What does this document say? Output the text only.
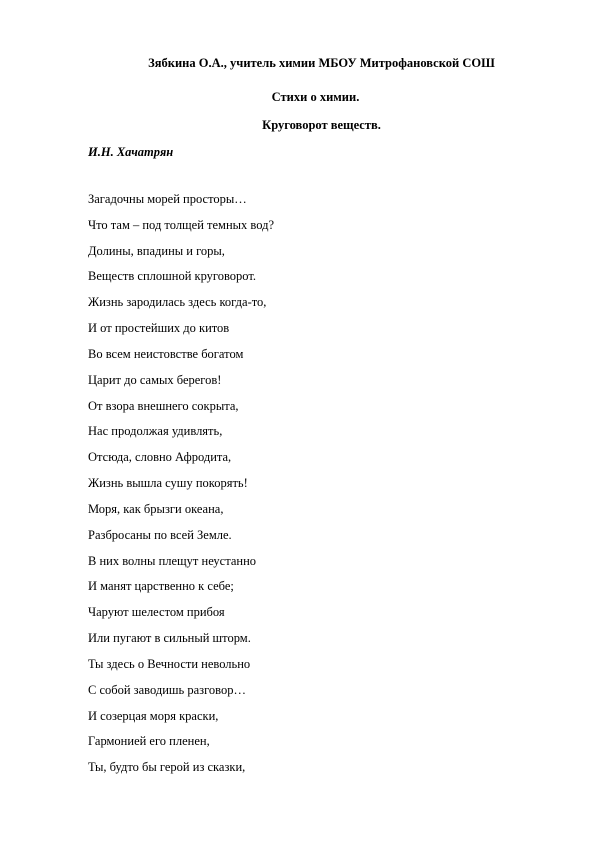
Зябкина О.А., учитель химии МБОУ Митрофановской СОШ
Стихи о химии.
Круговорот веществ.
И.Н. Хачатрян
Загадочны морей просторы…
Что там – под толщей темных вод?
Долины, впадины и горы,
Веществ сплошной круговорот.
Жизнь зародилась здесь когда-то,
И от простейших до китов
Во всем неистовстве богатом
Царит до самых берегов!
От взора внешнего сокрыта,
Нас продолжая удивлять,
Отсюда, словно Афродита,
Жизнь вышла сушу покорять!
Моря, как брызги океана,
Разбросаны по всей Земле.
В них волны плещут неустанно
И манят царственно к себе;
Чаруют шелестом прибоя
Или пугают в сильный шторм.
Ты здесь о Вечности невольно
С собой заводишь разговор…
И созерцая моря краски,
Гармонией его пленен,
Ты, будто бы герой из сказки,
